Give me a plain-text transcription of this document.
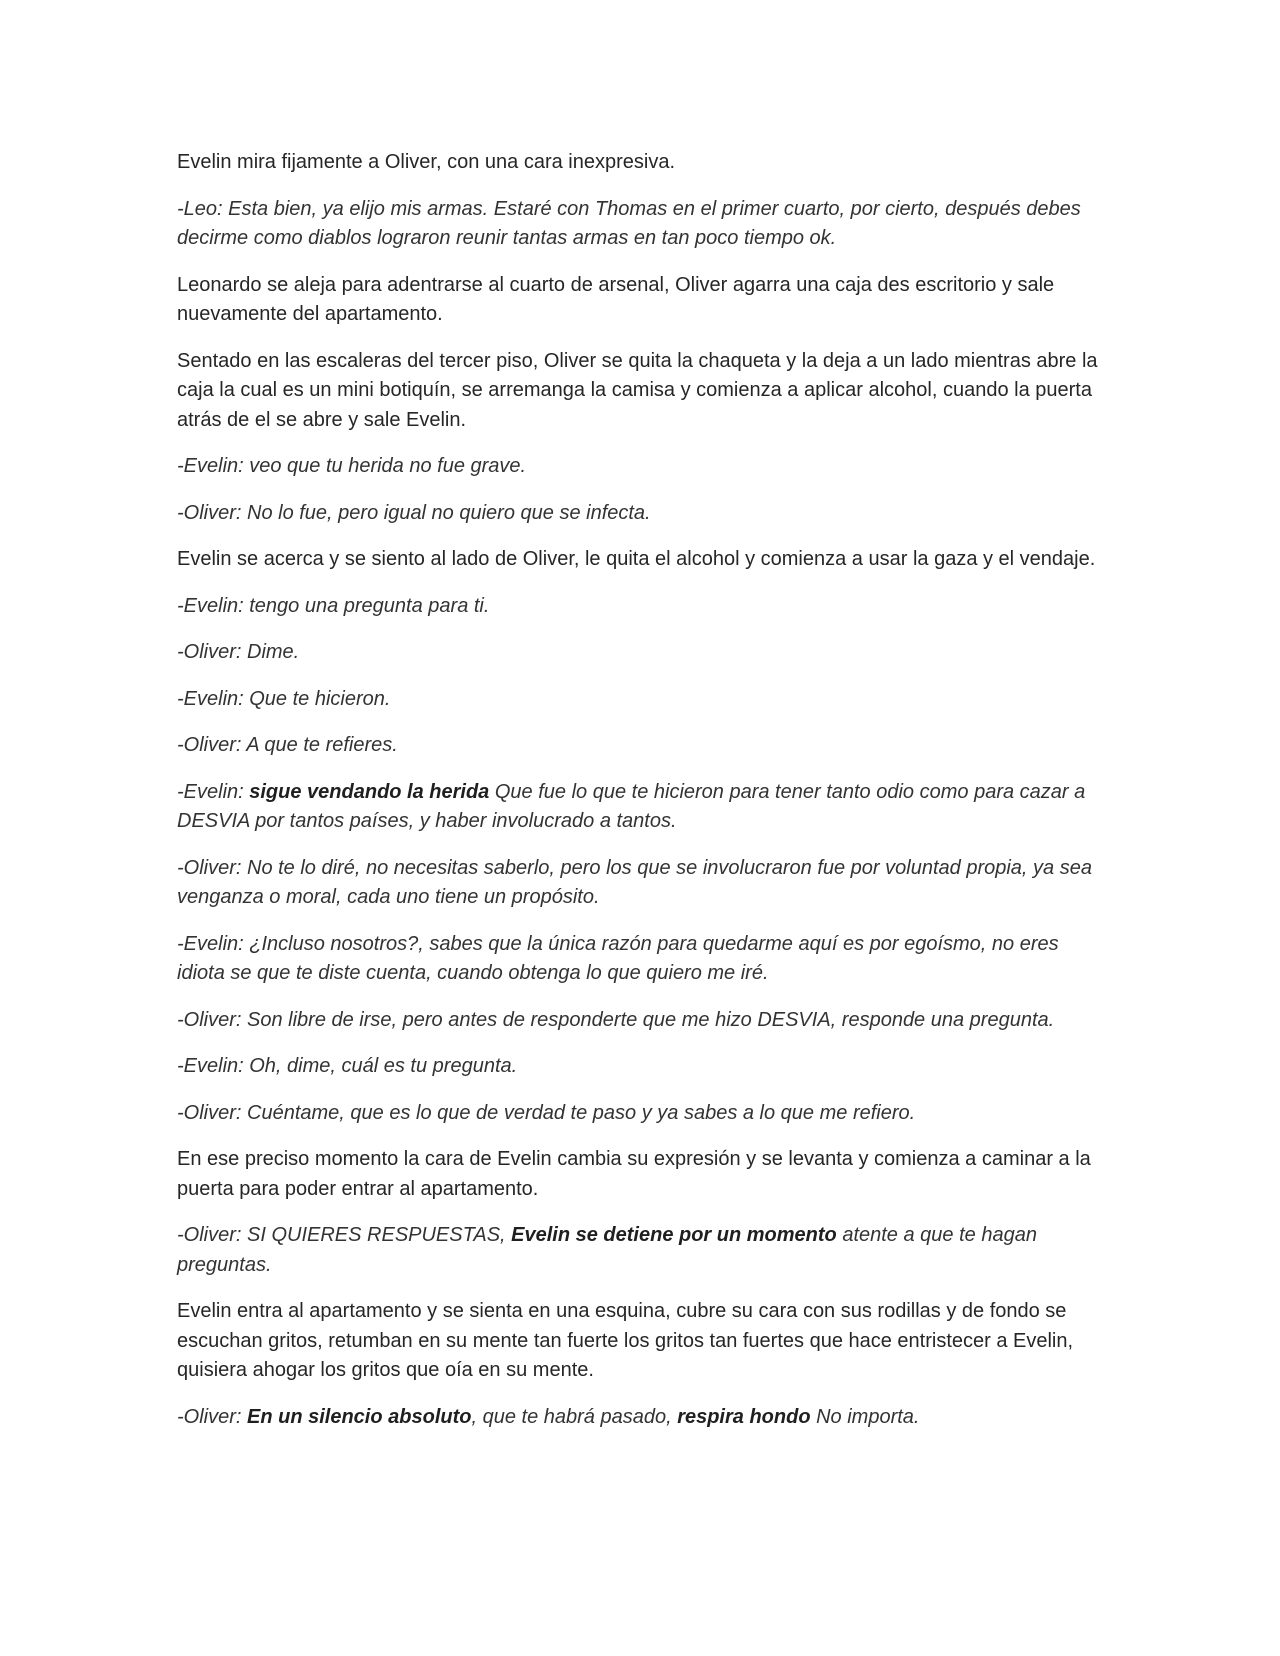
Evelin mira fijamente a Oliver, con una cara inexpresiva.

-Leo: Esta bien, ya elijo mis armas. Estaré con Thomas en el primer cuarto, por cierto, después debes decirme como diablos lograron reunir tantas armas en tan poco tiempo ok.

Leonardo se aleja para adentrarse al cuarto de arsenal, Oliver agarra una caja des escritorio y sale nuevamente del apartamento.

Sentado en las escaleras del tercer piso, Oliver se quita la chaqueta y la deja a un lado mientras abre la caja la cual es un mini botiquín, se arremanga la camisa y comienza a aplicar alcohol, cuando la puerta atrás de el se abre y sale Evelin.

-Evelin: veo que tu herida no fue grave.

-Oliver: No lo fue, pero igual no quiero que se infecta.

Evelin se acerca y se siento al lado de Oliver, le quita el alcohol y comienza a usar la gaza y el vendaje.

-Evelin: tengo una pregunta para ti.

-Oliver: Dime.

-Evelin: Que te hicieron.

-Oliver: A que te refieres.

-Evelin: sigue vendando la herida Que fue lo que te hicieron para tener tanto odio como para cazar a DESVIA por tantos países, y haber involucrado a tantos.

-Oliver: No te lo diré, no necesitas saberlo, pero los que se involucraron fue por voluntad propia, ya sea venganza o moral, cada uno tiene un propósito.

-Evelin: ¿Incluso nosotros?, sabes que la única razón para quedarme aquí es por egoísmo, no eres idiota se que te diste cuenta, cuando obtenga lo que quiero me iré.

-Oliver: Son libre de irse, pero antes de responderte que me hizo DESVIA, responde una pregunta.

-Evelin: Oh, dime, cuál es tu pregunta.

-Oliver: Cuéntame, que es lo que de verdad te paso y ya sabes a lo que me refiero.

En ese preciso momento la cara de Evelin cambia su expresión y se levanta y comienza a caminar a la puerta para poder entrar al apartamento.

-Oliver: SI QUIERES RESPUESTAS, Evelin se detiene por un momento atente a que te hagan preguntas.

Evelin entra al apartamento y se sienta en una esquina, cubre su cara con sus rodillas y de fondo se escuchan gritos, retumban en su mente tan fuerte los gritos tan fuertes que hace entristecer a Evelin, quisiera ahogar los gritos que oía en su mente.

-Oliver: En un silencio absoluto, que te habrá pasado, respira hondo No importa.
